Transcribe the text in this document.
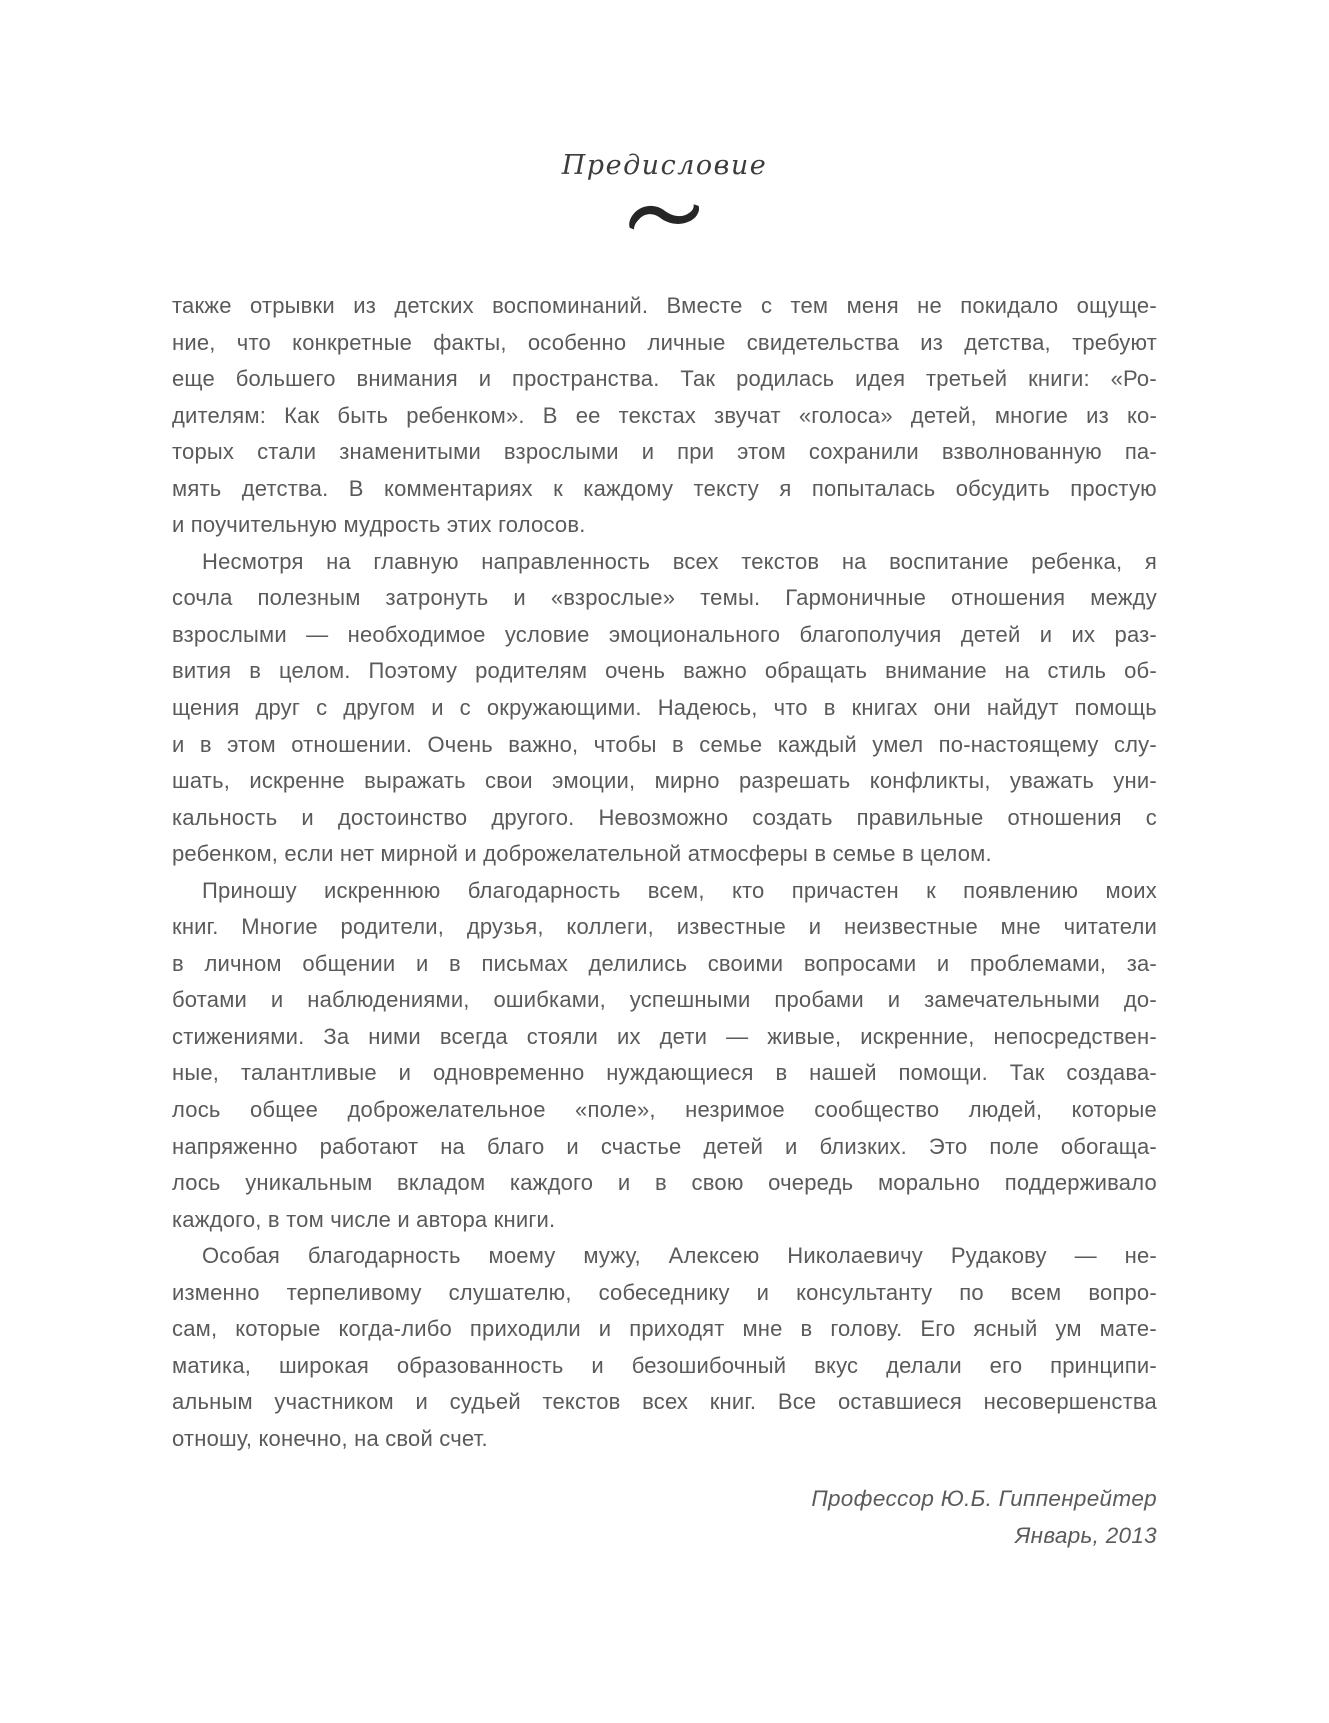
Предисловие
также отрывки из детских воспоминаний. Вместе с тем меня не покидало ощуще-
ние, что конкретные факты, особенно личные свидетельства из детства, требуют
еще большего внимания и пространства. Так родилась идея третьей книги: «Ро-
дителям: Как быть ребенком». В ее текстах звучат «голоса» детей, многие из ко-
торых стали знаменитыми взрослыми и при этом сохранили взволнованную па-
мять детства. В комментариях к каждому тексту я попыталась обсудить простую
и поучительную мудрость этих голосов.
Несмотря на главную направленность всех текстов на воспитание ребенка, я
сочла полезным затронуть и «взрослые» темы. Гармоничные отношения между
взрослыми — необходимое условие эмоционального благополучия детей и их раз-
вития в целом. Поэтому родителям очень важно обращать внимание на стиль об-
щения друг с другом и с окружающими. Надеюсь, что в книгах они найдут помощь
и в этом отношении. Очень важно, чтобы в семье каждый умел по-настоящему слу-
шать, искренне выражать свои эмоции, мирно разрешать конфликты, уважать уни-
кальность и достоинство другого. Невозможно создать правильные отношения с
ребенком, если нет мирной и доброжелательной атмосферы в семье в целом.
Приношу искреннюю благодарность всем, кто причастен к появлению моих
книг. Многие родители, друзья, коллеги, известные и неизвестные мне читатели
в личном общении и в письмах делились своими вопросами и проблемами, за-
ботами и наблюдениями, ошибками, успешными пробами и замечательными до-
стижениями. За ними всегда стояли их дети — живые, искренние, непосредствен-
ные, талантливые и одновременно нуждающиеся в нашей помощи. Так создава-
лось общее доброжелательное «поле», незримое сообщество людей, которые
напряженно работают на благо и счастье детей и близких. Это поле обогаща-
лось уникальным вкладом каждого и в свою очередь морально поддерживало
каждого, в том числе и автора книги.
Особая благодарность моему мужу, Алексею Николаевичу Рудакову — не-
изменно терпеливому слушателю, собеседнику и консультанту по всем вопро-
сам, которые когда-либо приходили и приходят мне в голову. Его ясный ум мате-
матика, широкая образованность и безошибочный вкус делали его принципи-
альным участником и судьей текстов всех книг. Все оставшиеся несовершенства
отношу, конечно, на свой счет.
Профессор Ю.Б. Гиппенрейтер
Январь, 2013
